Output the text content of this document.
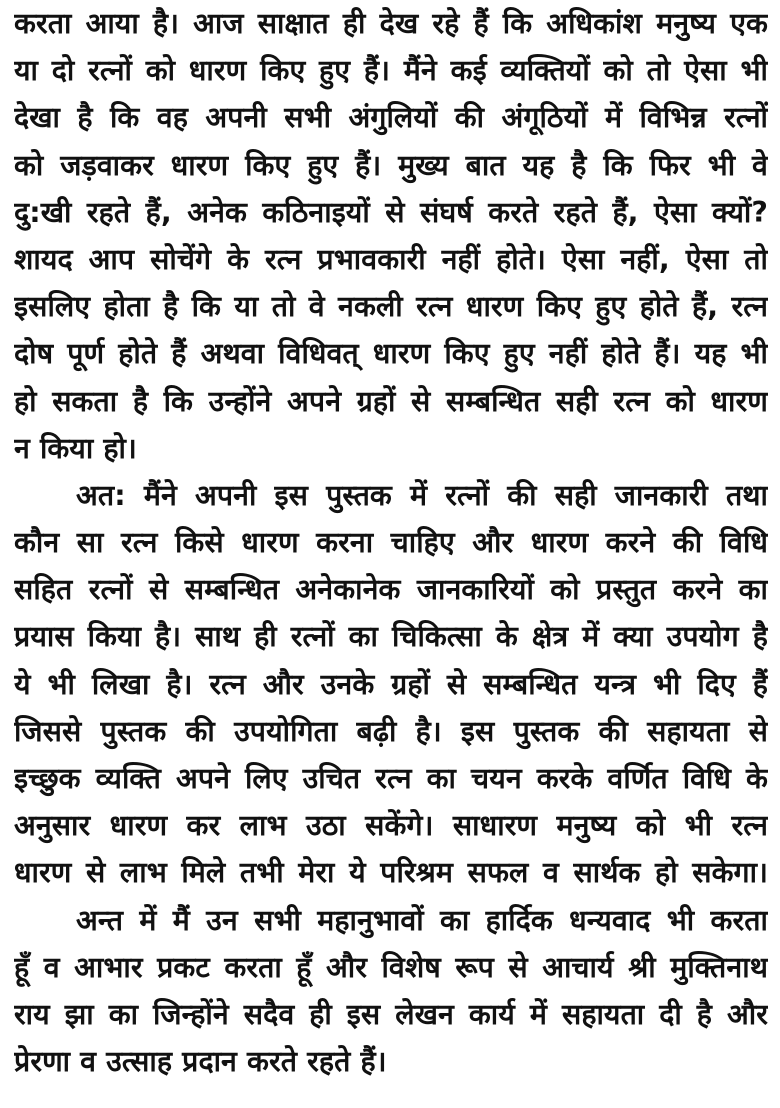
करता आया है। आज साक्षात ही देख रहे हैं कि अधिकांश मनुष्य एक
या दो रत्नों को धारण किए हुए हैं। मैंने कई व्यक्तियों को तो ऐसा भी
देखा है कि वह अपनी सभी अंगुलियों की अंगूठियों में विभिन्न रत्नों
को जड़वाकर धारण किए हुए हैं। मुख्य बात यह है कि फिर भी वे
दु:खी रहते हैं, अनेक कठिनाइयों से संघर्ष करते रहते हैं, ऐसा क्यों?
शायद आप सोचेंगे के रत्न प्रभावकारी नहीं होते। ऐसा नहीं, ऐसा तो
इसलिए होता है कि या तो वे नकली रत्न धारण किए हुए होते हैं, रत्न
दोष पूर्ण होते हैं अथवा विधिवत् धारण किए हुए नहीं होते हैं। यह भी
हो सकता है कि उन्होंने अपने ग्रहों से सम्बन्धित सही रत्न को धारण
न किया हो।
अत: मैंने अपनी इस पुस्तक में रत्नों की सही जानकारी तथा
कौन सा रत्न किसे धारण करना चाहिए और धारण करने की विधि
सहित रत्नों से सम्बन्धित अनेकानेक जानकारियों को प्रस्तुत करने का
प्रयास किया है। साथ ही रत्नों का चिकित्सा के क्षेत्र में क्या उपयोग है
ये भी लिखा है। रत्न और उनके ग्रहों से सम्बन्धित यन्त्र भी दिए हैं
जिससे पुस्तक की उपयोगिता बढ़ी है। इस पुस्तक की सहायता से
इच्छुक व्यक्ति अपने लिए उचित रत्न का चयन करके वर्णित विधि के
अनुसार धारण कर लाभ उठा सकेंगे। साधारण मनुष्य को भी रत्न
धारण से लाभ मिले तभी मेरा ये परिश्रम सफल व सार्थक हो सकेगा।
अन्त में मैं उन सभी महानुभावों का हार्दिक धन्यवाद भी करता
हूँ व आभार प्रकट करता हूँ और विशेष रूप से आचार्य श्री मुक्तिनाथ
राय झा का जिन्होंने सदैव ही इस लेखन कार्य में सहायता दी है और
प्रेरणा व उत्साह प्रदान करते रहते हैं।
